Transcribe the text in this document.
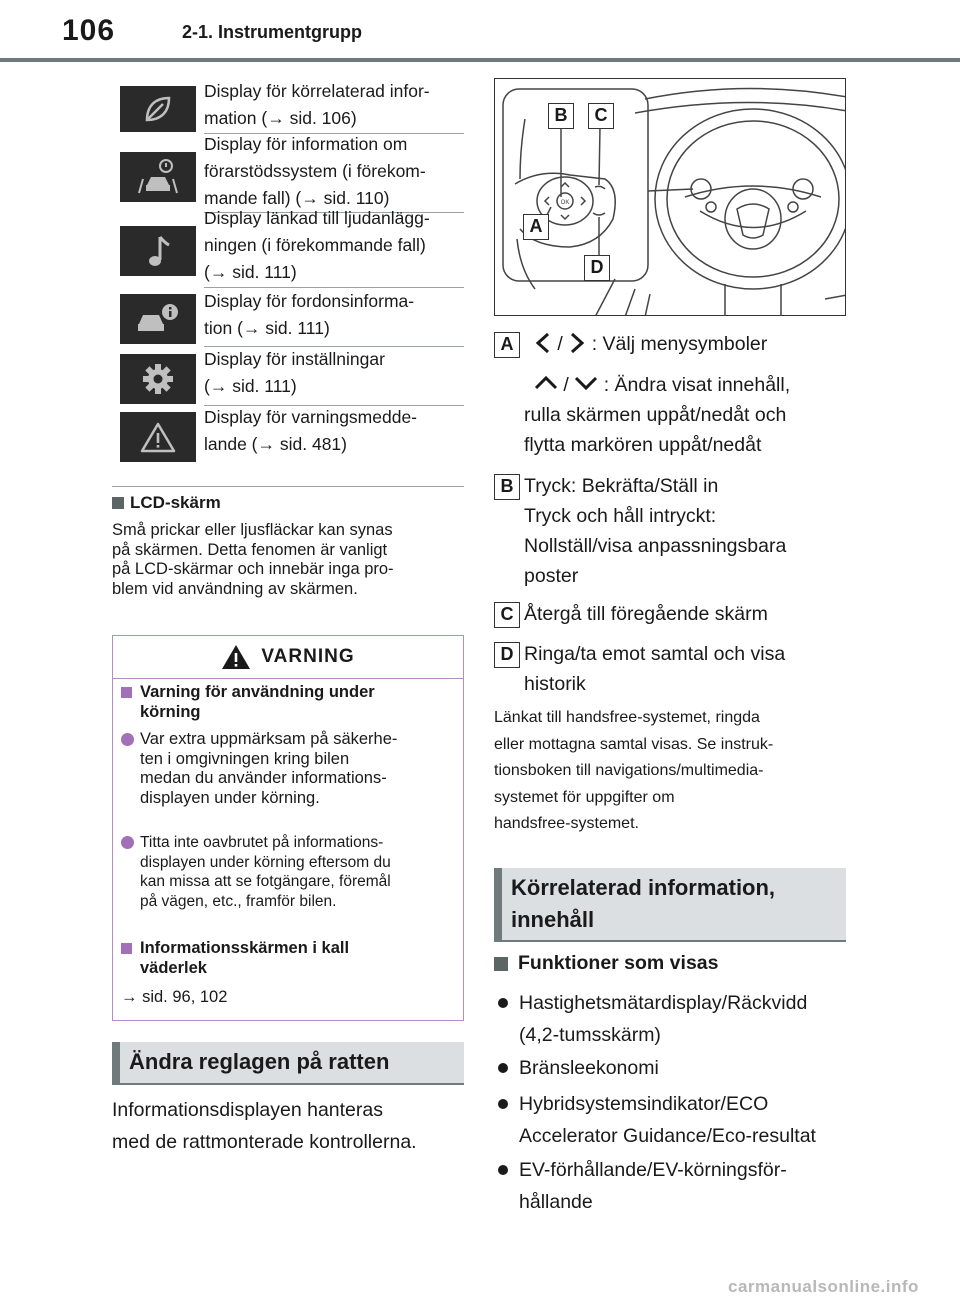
106	2-1. Instrumentgrupp
Display för körrelaterad infor-
mation (→ sid. 106)
Display för information om
förarstödssystem (i förekom-
mande fall) (→ sid. 110)
Display länkad till ljudanlägg-
ningen (i förekommande fall)
(→ sid. 111)
Display för fordonsinforma-
tion (→ sid. 111)
Display för inställningar
(→ sid. 111)
Display för varningsmedde-
lande (→ sid. 481)
LCD-skärm
Små prickar eller ljusfläckar kan synas
på skärmen. Detta fenomen är vanligt
på LCD-skärmar och innebär inga pro-
blem vid användning av skärmen.
VARNING
Varning för användning under
körning
Var extra uppmärksam på säkerhe-
ten i omgivningen kring bilen
medan du använder informations-
displayen under körning.
Titta inte oavbrutet på informations-
displayen under körning eftersom du
kan missa att se fotgängare, föremål
på vägen, etc., framför bilen.
Informationsskärmen i kall
väderlek
→ sid. 96, 102
Ändra reglagen på ratten
Informationsdisplayen hanteras
med de rattmonterade kontrollerna.
OK
B	C
A
D
A	/  : Välj menysymboler
/  : Ändra visat innehåll,
rulla skärmen uppåt/nedåt och
flytta markören uppåt/nedåt
B Tryck: Bekräfta/Ställ in
Tryck och håll intryckt:
Nollställ/visa anpassningsbara
poster
C Återgå till föregående skärm
D Ringa/ta emot samtal och visa
historik
Länkat till handsfree-systemet, ringda
eller mottagna samtal visas. Se instruk-
tionsboken till navigations/multimedia-
systemet för uppgifter om
handsfree-systemet.
Körrelaterad information,
innehåll
Funktioner som visas
Hastighetsmätardisplay/Räckvidd
(4,2-tumsskärm)
Bränsleekonomi
Hybridsystemsindikator/ECO
Accelerator Guidance/Eco-resultat
EV-förhållande/EV-körningsför-
hållande
carmanualsonline.info
